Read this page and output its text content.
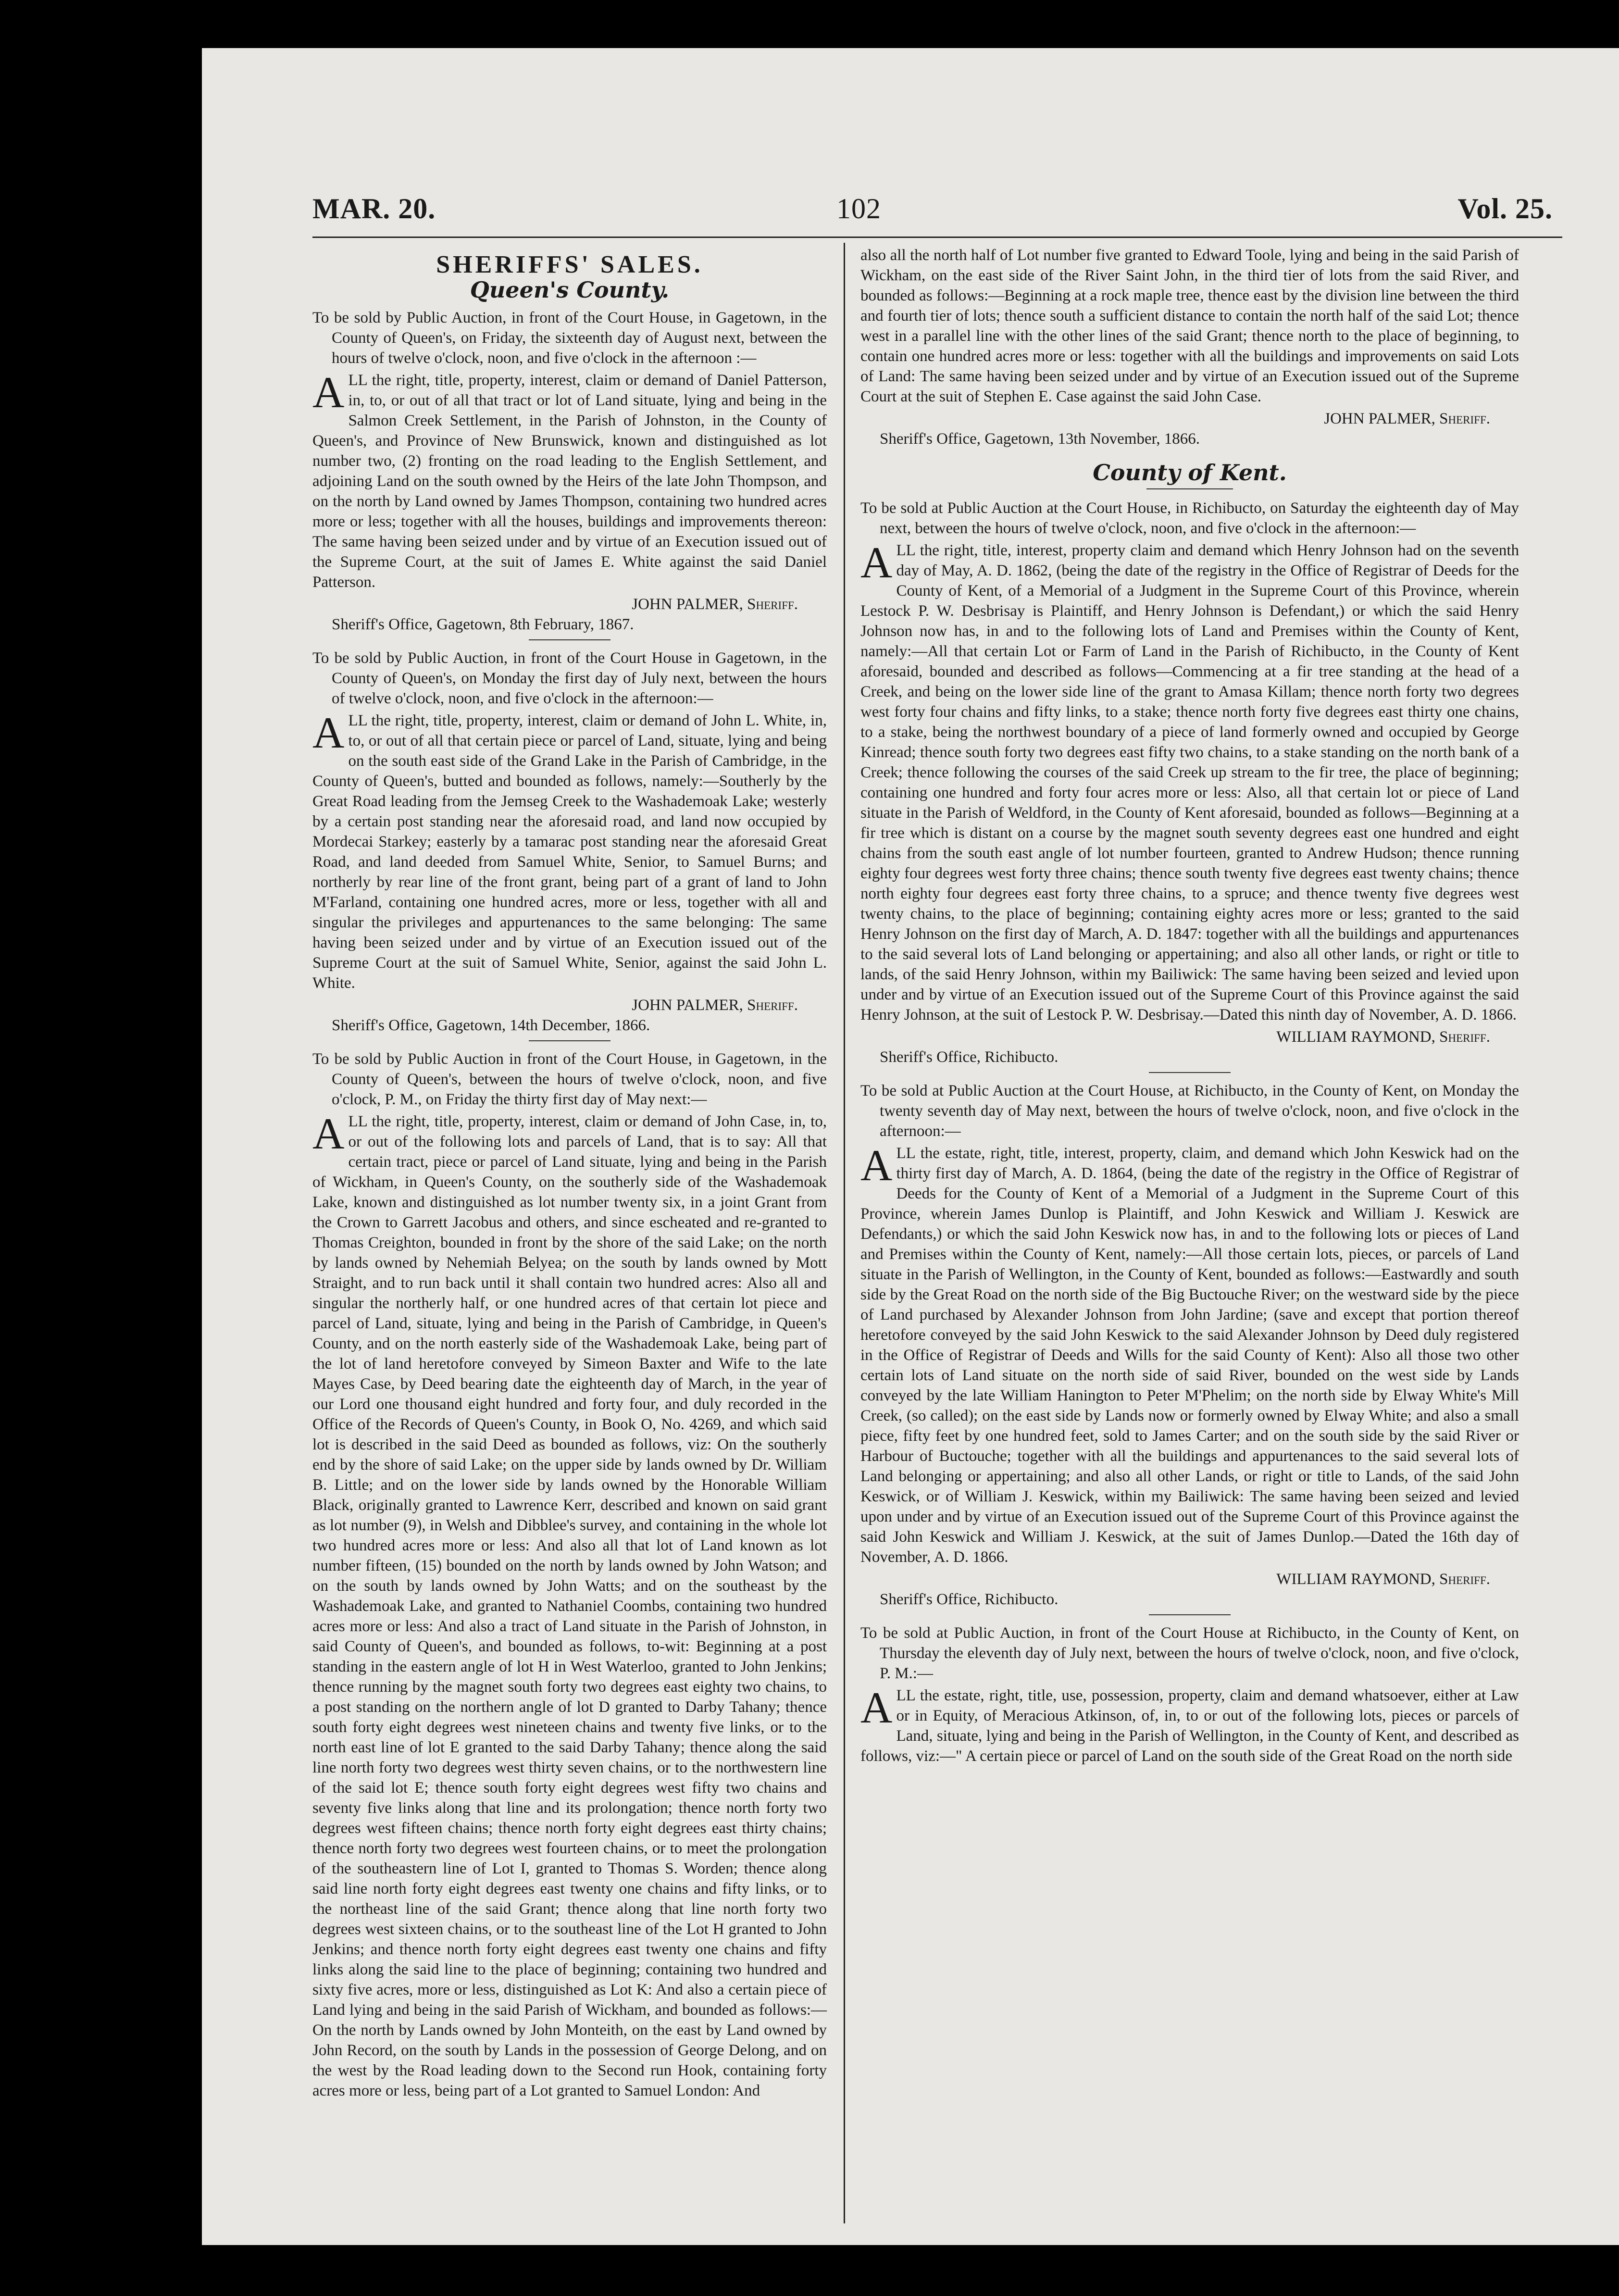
MAR. 20.	102	Vol. 25.
SHERIFFS' SALES.
Queen's County.

To be sold by Public Auction, in front of the Court House, in Gagetown, in the County of Queen's, on Friday, the sixteenth day of August next, between the hours of twelve o'clock, noon, and five o'clock in the afternoon :—

ALL the right, title, property, interest, claim or demand of Daniel Patterson, in, to, or out of all that tract or lot of Land situate, lying and being in the Salmon Creek Settlement, in the Parish of Johnston, in the County of Queen's, and Province of New Brunswick, known and distinguished as lot number two, (2) fronting on the road leading to the English Settlement, and adjoining Land on the south owned by the Heirs of the late John Thompson, and on the north by Land owned by James Thompson, containing two hundred acres more or less; together with all the houses, buildings and improvements thereon: The same having been seized under and by virtue of an Execution issued out of the Supreme Court, at the suit of James E. White against the said Daniel Patterson.

JOHN PALMER, Sheriff.

Sheriff's Office, Gagetown, 8th February, 1867.

To be sold by Public Auction, in front of the Court House in Gagetown, in the County of Queen's, on Monday the first day of July next, between the hours of twelve o'clock, noon, and five o'clock in the afternoon:—

ALL the right, title, property, interest, claim or demand of John L. White, in, to, or out of all that certain piece or parcel of Land, situate, lying and being on the south east side of the Grand Lake in the Parish of Cambridge, in the County of Queen's, butted and bounded as follows, namely:—Southerly by the Great Road leading from the Jemseg Creek to the Washademoak Lake; westerly by a certain post standing near the aforesaid road, and land now occupied by Mordecai Starkey; easterly by a tamarac post standing near the aforesaid Great Road, and land deeded from Samuel White, Senior, to Samuel Burns; and northerly by rear line of the front grant, being part of a grant of land to John M'Farland, containing one hundred acres, more or less, together with all and singular the privileges and appurtenances to the same belonging: The same having been seized under and by virtue of an Execution issued out of the Supreme Court at the suit of Samuel White, Senior, against the said John L. White.

JOHN PALMER, Sheriff.

Sheriff's Office, Gagetown, 14th December, 1866.

To be sold by Public Auction in front of the Court House, in Gagetown, in the County of Queen's, between the hours of twelve o'clock, noon, and five o'clock, P. M., on Friday the thirty first day of May next:—

ALL the right, title, property, interest, claim or demand of John Case, in, to, or out of the following lots and parcels of Land, that is to say: All that certain tract, piece or parcel of Land situate, lying and being in the Parish of Wickham, in Queen's County, on the southerly side of the Washademoak Lake, known and distinguished as lot number twenty six, in a joint Grant from the Crown to Garrett Jacobus and others, and since escheated and re-granted to Thomas Creighton, bounded in front by the shore of the said Lake; on the north by lands owned by Nehemiah Belyea; on the south by lands owned by Mott Straight, and to run back until it shall contain two hundred acres: Also all and singular the northerly half, or one hundred acres of that certain lot piece and parcel of Land, situate, lying and being in the Parish of Cambridge, in Queen's County, and on the north easterly side of the Washademoak Lake, being part of the lot of land heretofore conveyed by Simeon Baxter and Wife to the late Mayes Case, by Deed bearing date the eighteenth day of March, in the year of our Lord one thousand eight hundred and forty four, and duly recorded in the Office of the Records of Queen's County, in Book O, No. 4269, and which said lot is described in the said Deed as bounded as follows, viz: On the southerly end by the shore of said Lake; on the upper side by lands owned by Dr. William B. Little; and on the lower side by lands owned by the Honorable William Black, originally granted to Lawrence Kerr, described and known on said grant as lot number (9), in Welsh and Dibblee's survey, and containing in the whole lot two hundred acres more or less: And also all that lot of Land known as lot number fifteen, (15) bounded on the north by lands owned by John Watson; and on the south by lands owned by John Watts; and on the southeast by the Washademoak Lake, and granted to Nathaniel Coombs, containing two hundred acres more or less: And also a tract of Land situate in the Parish of Johnston, in said County of Queen's, and bounded as follows, to-wit: Beginning at a post standing in the eastern angle of lot H in West Waterloo, granted to John Jenkins; thence running by the magnet south forty two degrees east eighty two chains, to a post standing on the northern angle of lot D granted to Darby Tahany; thence south forty eight degrees west nineteen chains and twenty five links, or to the north east line of lot E granted to the said Darby Tahany; thence along the said line north forty two degrees west thirty seven chains, or to the northwestern line of the said lot E; thence south forty eight degrees west fifty two chains and seventy five links along that line and its prolongation; thence north forty two degrees west fifteen chains; thence north forty eight degrees east thirty chains; thence north forty two degrees west fourteen chains, or to meet the prolongation of the southeastern line of Lot I, granted to Thomas S. Worden; thence along said line north forty eight degrees east twenty one chains and fifty links, or to the northeast line of the said Grant; thence along that line north forty two degrees west sixteen chains, or to the southeast line of the Lot H granted to John Jenkins; and thence north forty eight degrees east twenty one chains and fifty links along the said line to the place of beginning; containing two hundred and sixty five acres, more or less, distinguished as Lot K: And also a certain piece of Land lying and being in the said Parish of Wickham, and bounded as follows:—On the north by Lands owned by John Monteith, on the east by Land owned by John Record, on the south by Lands in the possession of George Delong, and on the west by the Road leading down to the Second run Hook, containing forty acres more or less, being part of a Lot granted to Samuel London: And

also all the north half of Lot number five granted to Edward Toole, lying and being in the said Parish of Wickham, on the east side of the River Saint John, in the third tier of lots from the said River, and bounded as follows:—Beginning at a rock maple tree, thence east by the division line between the third and fourth tier of lots; thence south a sufficient distance to contain the north half of the said Lot; thence west in a parallel line with the other lines of the said Grant; thence north to the place of beginning, to contain one hundred acres more or less: together with all the buildings and improvements on said Lots of Land: The same having been seized under and by virtue of an Execution issued out of the Supreme Court at the suit of Stephen E. Case against the said John Case.

JOHN PALMER, Sheriff.

Sheriff's Office, Gagetown, 13th November, 1866.

County of Kent.

To be sold at Public Auction at the Court House, in Richibucto, on Saturday the eighteenth day of May next, between the hours of twelve o'clock, noon, and five o'clock in the afternoon:—

ALL the right, title, interest, property claim and demand which Henry Johnson had on the seventh day of May, A. D. 1862, (being the date of the registry in the Office of Registrar of Deeds for the County of Kent, of a Memorial of a Judgment in the Supreme Court of this Province, wherein Lestock P. W. Desbrisay is Plaintiff, and Henry Johnson is Defendant,) or which the said Henry Johnson now has, in and to the following lots of Land and Premises within the County of Kent, namely:—All that certain Lot or Farm of Land in the Parish of Richibucto, in the County of Kent aforesaid, bounded and described as follows—Commencing at a fir tree standing at the head of a Creek, and being on the lower side line of the grant to Amasa Killam; thence north forty two degrees west forty four chains and fifty links, to a stake; thence north forty five degrees east thirty one chains, to a stake, being the northwest boundary of a piece of land formerly owned and occupied by George Kinread; thence south forty two degrees east fifty two chains, to a stake standing on the north bank of a Creek; thence following the courses of the said Creek up stream to the fir tree, the place of beginning; containing one hundred and forty four acres more or less: Also, all that certain lot or piece of Land situate in the Parish of Weldford, in the County of Kent aforesaid, bounded as follows—Beginning at a fir tree which is distant on a course by the magnet south seventy degrees east one hundred and eight chains from the south east angle of lot number fourteen, granted to Andrew Hudson; thence running eighty four degrees west forty three chains; thence south twenty five degrees east twenty chains; thence north eighty four degrees east forty three chains, to a spruce; and thence twenty five degrees west twenty chains, to the place of beginning; containing eighty acres more or less; granted to the said Henry Johnson on the first day of March, A. D. 1847: together with all the buildings and appurtenances to the said several lots of Land belonging or appertaining; and also all other lands, or right or title to lands, of the said Henry Johnson, within my Bailiwick: The same having been seized and levied upon under and by virtue of an Execution issued out of the Supreme Court of this Province against the said Henry Johnson, at the suit of Lestock P. W. Desbrisay.—Dated this ninth day of November, A. D. 1866.

WILLIAM RAYMOND, Sheriff.

Sheriff's Office, Richibucto.

To be sold at Public Auction at the Court House, at Richibucto, in the County of Kent, on Monday the twenty seventh day of May next, between the hours of twelve o'clock, noon, and five o'clock in the afternoon:—

ALL the estate, right, title, interest, property, claim, and demand which John Keswick had on the thirty first day of March, A. D. 1864, (being the date of the registry in the Office of Registrar of Deeds for the County of Kent of a Memorial of a Judgment in the Supreme Court of this Province, wherein James Dunlop is Plaintiff, and John Keswick and William J. Keswick are Defendants,) or which the said John Keswick now has, in and to the following lots or pieces of Land and Premises within the County of Kent, namely:—All those certain lots, pieces, or parcels of Land situate in the Parish of Wellington, in the County of Kent, bounded as follows:—Eastwardly and south side by the Great Road on the north side of the Big Buctouche River; on the westward side by the piece of Land purchased by Alexander Johnson from John Jardine; (save and except that portion thereof heretofore conveyed by the said John Keswick to the said Alexander Johnson by Deed duly registered in the Office of Registrar of Deeds and Wills for the said County of Kent): Also all those two other certain lots of Land situate on the north side of said River, bounded on the west side by Lands conveyed by the late William Hanington to Peter M'Phelim; on the north side by Elway White's Mill Creek, (so called); on the east side by Lands now or formerly owned by Elway White; and also a small piece, fifty feet by one hundred feet, sold to James Carter; and on the south side by the said River or Harbour of Buctouche; together with all the buildings and appurtenances to the said several lots of Land belonging or appertaining; and also all other Lands, or right or title to Lands, of the said John Keswick, or of William J. Keswick, within my Bailiwick: The same having been seized and levied upon under and by virtue of an Execution issued out of the Supreme Court of this Province against the said John Keswick and William J. Keswick, at the suit of James Dunlop.—Dated the 16th day of November, A. D. 1866.

WILLIAM RAYMOND, Sheriff.

Sheriff's Office, Richibucto.

To be sold at Public Auction, in front of the Court House at Richibucto, in the County of Kent, on Thursday the eleventh day of July next, between the hours of twelve o'clock, noon, and five o'clock, P. M.:—

ALL the estate, right, title, use, possession, property, claim and demand whatsoever, either at Law or in Equity, of Meracious Atkinson, of, in, to or out of the following lots, pieces or parcels of Land, situate, lying and being in the Parish of Wellington, in the County of Kent, and described as follows, viz:—" A certain piece or parcel of Land on the south side of the Great Road on the north side
